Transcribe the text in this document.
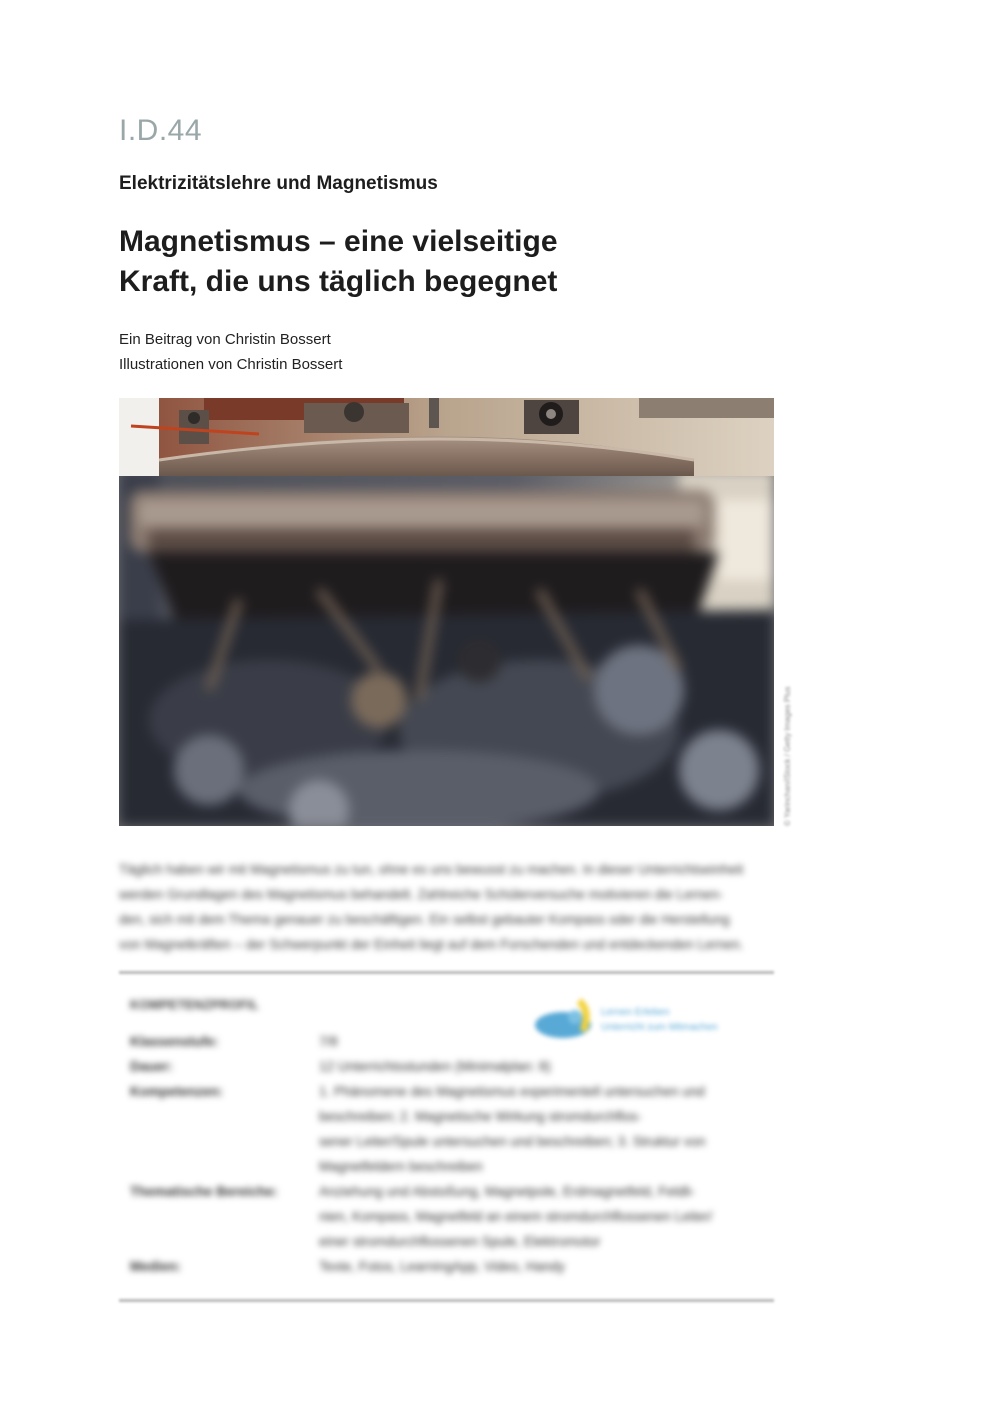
I.D.44
Elektrizitätslehre und Magnetismus
Magnetismus – eine vielseitige
Kraft, die uns täglich begegnet
Ein Beitrag von Christin Bossert
Illustrationen von Christin Bossert
© Yarinchan/iStock / Getty Images Plus
Täglich haben wir mit Magnetismus zu tun, ohne es uns bewusst zu machen. In dieser Unterrichtseinheit
werden Grundlagen des Magnetismus behandelt. Zahlreiche Schülerversuche motivieren die Lernen-
den, sich mit dem Thema genauer zu beschäftigen. Ein selbst gebauter Kompass oder die Herstellung
von Magnetkräften – der Schwerpunkt der Einheit liegt auf dem Forschenden und entdeckenden Lernen.
KOMPETENZPROFIL
Lernen Erleben
Unterricht zum Mitmachen
Klassenstufe:	7/8
Dauer:	12 Unterrichtsstunden (Minimalplan: 8)
Kompetenzen:	1. Phänomene des Magnetismus experimentell untersuchen und
beschreiben; 2. Magnetische Wirkung stromdurchflos-
sener Leiter/Spule untersuchen und beschreiben; 3. Struktur von
Magnetfeldern beschreiben
Thematische Bereiche:	Anziehung und Abstoßung, Magnetpole, Erdmagnetfeld, Feldli-
nien, Kompass, Magnetfeld an einem stromdurchflossenen Leiter/
einer stromdurchflossenen Spule, Elektromotor
Medien:	Texte, Fotos, LearningApp, Video, Handy
